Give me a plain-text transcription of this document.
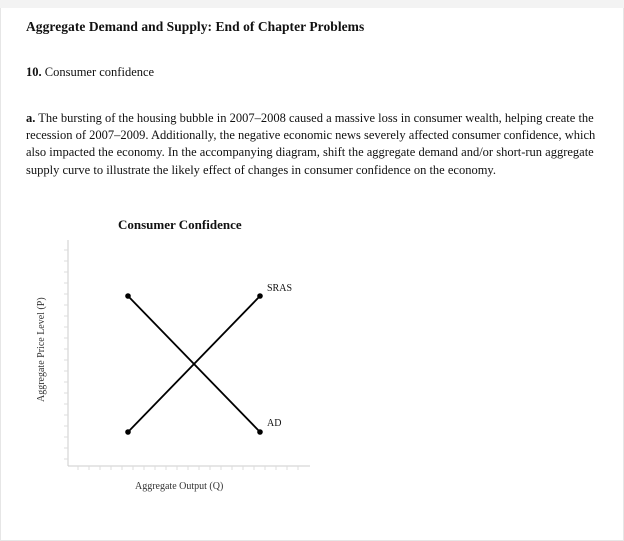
Aggregate Demand and Supply: End of Chapter Problems
10. Consumer confidence
a. The bursting of the housing bubble in 2007–2008 caused a massive loss in consumer wealth, helping create the recession of 2007–2009. Additionally, the negative economic news severely affected consumer confidence, which also impacted the economy. In the accompanying diagram, shift the aggregate demand and/or short-run aggregate supply curve to illustrate the likely effect of changes in consumer confidence on the economy.
Consumer Confidence
SRAS
AD
Aggregate Output (Q)
Aggregate Price Level (P)
